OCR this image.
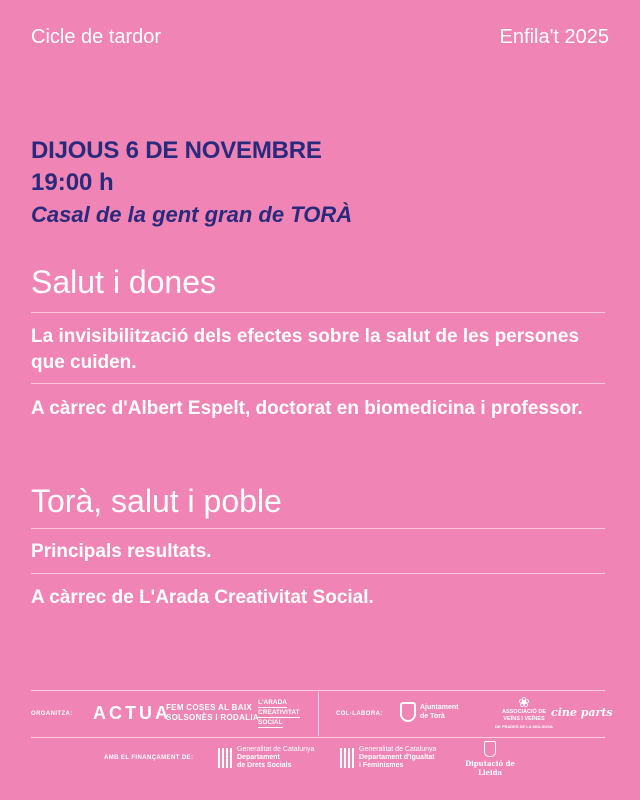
Cicle de tardor	Enfila't 2025
DIJOUS 6 DE NOVEMBRE
19:00 h
Casal de la gent gran de TORÀ
Salut i dones
La invisibilització dels efectes sobre la salut de les persones que cuiden.
A càrrec d'Albert Espelt, doctorat en biomedicina i professor.
Torà, salut i poble
Principals resultats.
A càrrec de L'Arada Creativitat Social.
ORGANITZA: ACTUA
FEM COSES AL BAIX
SOLSONÈS I RODALIA
L'ARADA
CREATIVITAT
SOCIAL
COL·LABORA:
Ajuntament
de Torà
❀
ASSOCIACIÓ DE
VEÏNS I VEÏNES
DE PRADES DE LA MOLSOSA
cine parts
AMB EL FINANÇAMENT DE:
Generalitat de Catalunya
Departament
de Drets Socials
Generalitat de Catalunya
Departament d'Igualtat
i Feminismes	Diputació de Lleida
